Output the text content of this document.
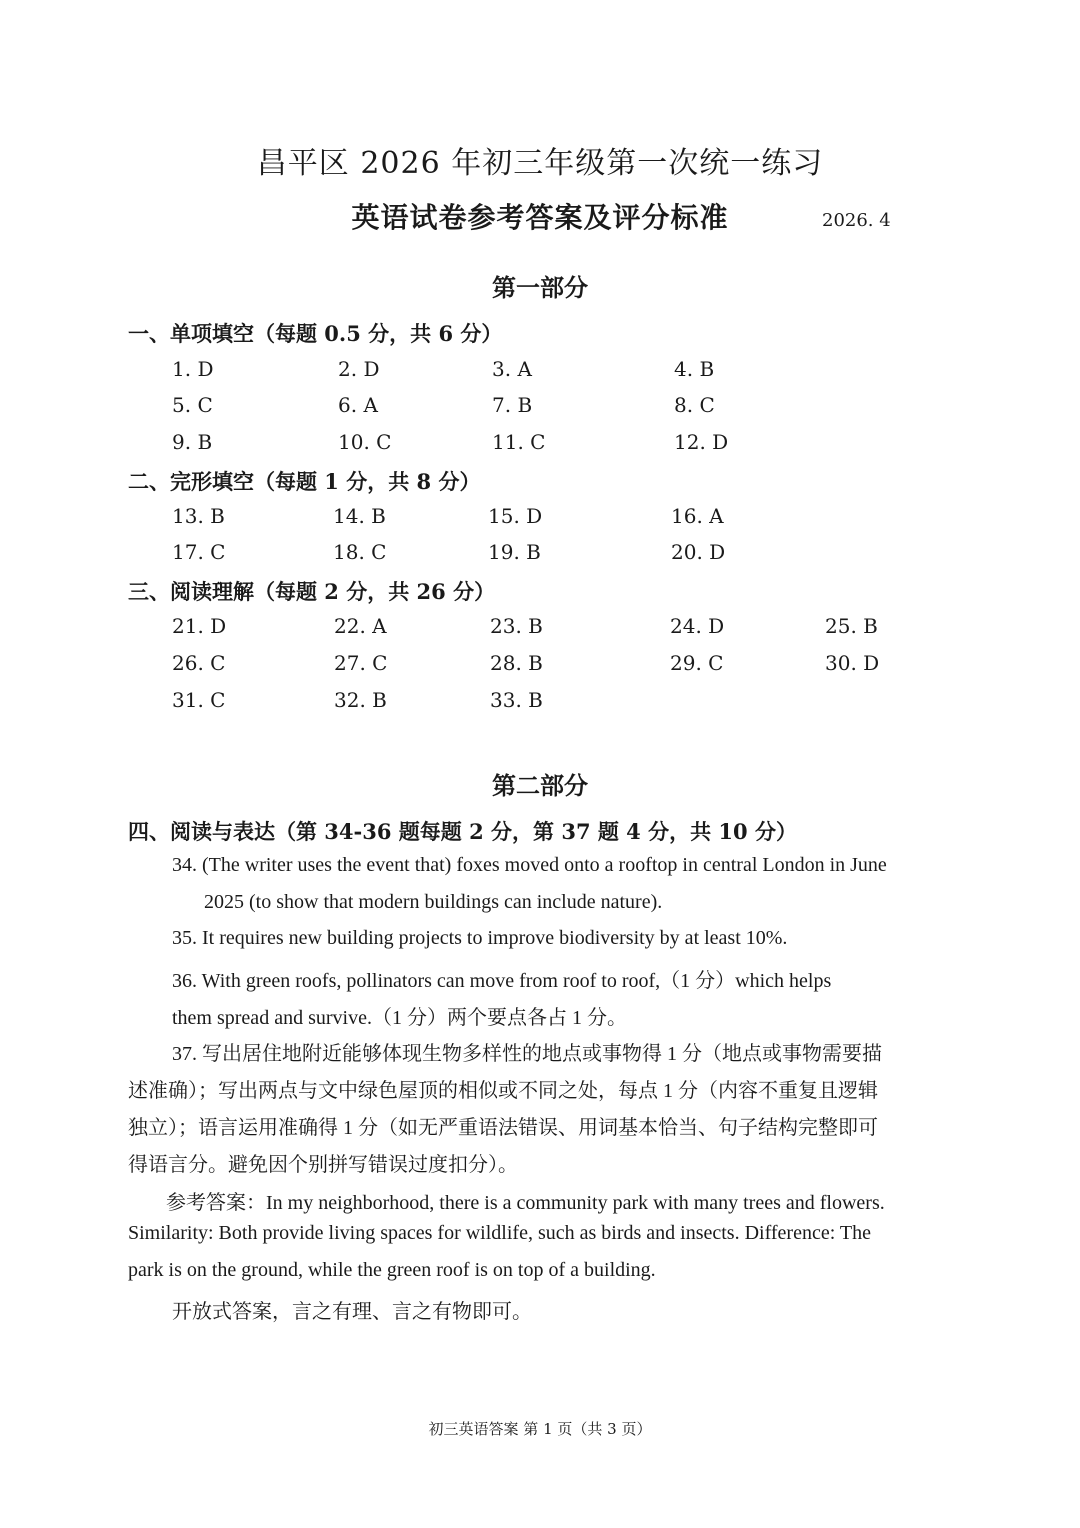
昌平区 2026 年初三年级第一次统一练习
英语试卷参考答案及评分标准	2026. 4
第一部分
一、单项填空（每题 0.5 分，共 6 分）
1. D	2. D	3. A	4. B
5. C	6. A	7. B	8. C
9. B	10. C	11. C	12. D
二、完形填空（每题 1 分，共 8 分）
13. B	14. B	15. D	16. A
17. C	18. C	19. B	20. D
三、阅读理解（每题 2 分，共 26 分）
21. D	22. A	23. B	24. D	25. B
26. C	27. C	28. B	29. C	30. D
31. C	32. B	33. B
第二部分
四、阅读与表达（第 34-36 题每题 2 分，第 37 题 4 分，共 10 分）
34. (The writer uses the event that) foxes moved onto a rooftop in central London in June
2025 (to show that modern buildings can include nature).
35. It requires new building projects to improve biodiversity by at least 10%.
36. With green roofs, pollinators can move from roof to roof,（1 分）which helps
them spread and survive.（1 分）两个要点各占 1 分。
37. 写出居住地附近能够体现生物多样性的地点或事物得 1 分（地点或事物需要描
述准确）；写出两点与文中绿色屋顶的相似或不同之处，每点 1 分（内容不重复且逻辑
独立）；语言运用准确得 1 分（如无严重语法错误、用词基本恰当、句子结构完整即可
得语言分。避免因个别拼写错误过度扣分）。
参考答案：In my neighborhood, there is a community park with many trees and flowers.
Similarity: Both provide living spaces for wildlife, such as birds and insects. Difference: The
park is on the ground, while the green roof is on top of a building.
开放式答案，言之有理、言之有物即可。
初三英语答案 第 1 页（共 3 页）
